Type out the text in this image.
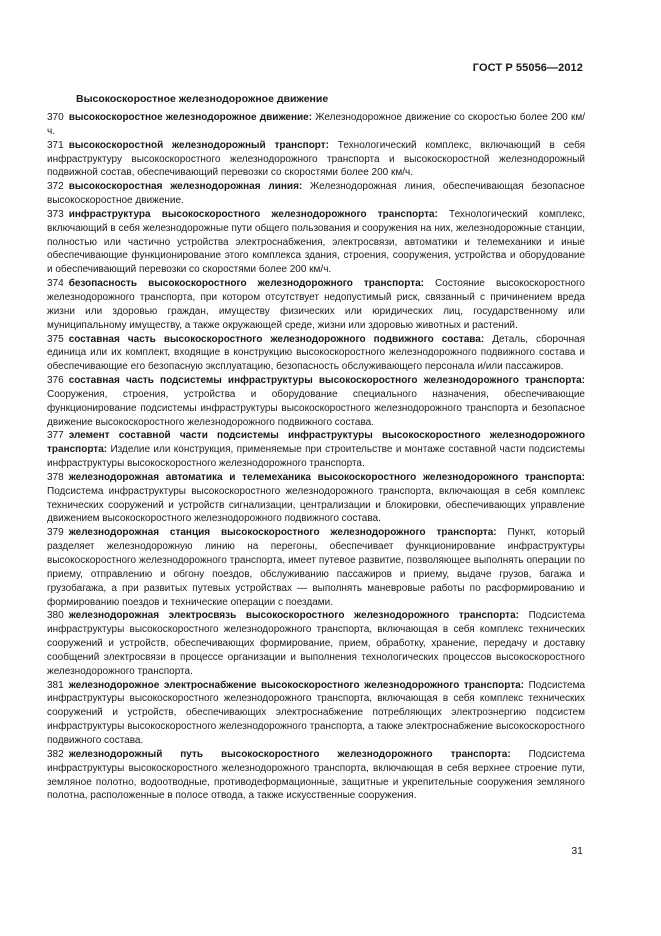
ГОСТ Р 55056—2012
Высокоскоростное железнодорожное движение

370 высокоскоростное железнодорожное движение: Железнодорожное движение со скоростью более 200 км/ч.

371 высокоскоростной железнодорожный транспорт: Технологический комплекс, включающий в себя инфраструктуру высокоскоростного железнодорожного транспорта и высокоскоростной железнодорожный подвижной состав, обеспечивающий перевозки со скоростями более 200 км/ч.

372 высокоскоростная железнодорожная линия: Железнодорожная линия, обеспечивающая безопасное высокоскоростное движение.

373 инфраструктура высокоскоростного железнодорожного транспорта: Технологический комплекс, включающий в себя железнодорожные пути общего пользования и сооружения на них, железнодорожные станции, полностью или частично устройства электроснабжения, электросвязи, автоматики и телемеханики и иные обеспечивающие функционирование этого комплекса здания, строения, сооружения, устройства и оборудование и обеспечивающий перевозки со скоростями более 200 км/ч.

374 безопасность высокоскоростного железнодорожного транспорта: Состояние высокоскоростного железнодорожного транспорта, при котором отсутствует недопустимый риск, связанный с причинением вреда жизни или здоровью граждан, имуществу физических или юридических лиц, государственному или муниципальному имуществу, а также окружающей среде, жизни или здоровью животных и растений.

375 составная часть высокоскоростного железнодорожного подвижного состава: Деталь, сборочная единица или их комплект, входящие в конструкцию высокоскоростного железнодорожного подвижного состава и обеспечивающие его безопасную эксплуатацию, безопасность обслуживающего персонала и/или пассажиров.

376 составная часть подсистемы инфраструктуры высокоскоростного железнодорожного транспорта: Сооружения, строения, устройства и оборудование специального назначения, обеспечивающие функционирование подсистемы инфраструктуры высокоскоростного железнодорожного транспорта и безопасное движение высокоскоростного железнодорожного подвижного состава.

377 элемент составной части подсистемы инфраструктуры высокоскоростного железнодорожного транспорта: Изделие или конструкция, применяемые при строительстве и монтаже составной части подсистемы инфраструктуры высокоскоростного железнодорожного транспорта.

378 железнодорожная автоматика и телемеханика высокоскоростного железнодорожного транспорта: Подсистема инфраструктуры высокоскоростного железнодорожного транспорта, включающая в себя комплекс технических сооружений и устройств сигнализации, централизации и блокировки, обеспечивающих управление движением высокоскоростного железнодорожного подвижного состава.

379 железнодорожная станция высокоскоростного железнодорожного транспорта: Пункт, который разделяет железнодорожную линию на перегоны, обеспечивает функционирование инфраструктуры высокоскоростного железнодорожного транспорта, имеет путевое развитие, позволяющее выполнять операции по приему, отправлению и обгону поездов, обслуживанию пассажиров и приему, выдаче грузов, багажа и грузобагажа, а при развитых путевых устройствах — выполнять маневровые работы по расформированию и формированию поездов и технические операции с поездами.

380 железнодорожная электросвязь высокоскоростного железнодорожного транспорта: Подсистема инфраструктуры высокоскоростного железнодорожного транспорта, включающая в себя комплекс технических сооружений и устройств, обеспечивающих формирование, прием, обработку, хранение, передачу и доставку сообщений электросвязи в процессе организации и выполнения технологических процессов высокоскоростного железнодорожного транспорта.

381 железнодорожное электроснабжение высокоскоростного железнодорожного транспорта: Подсистема инфраструктуры высокоскоростного железнодорожного транспорта, включающая в себя комплекс технических сооружений и устройств, обеспечивающих электроснабжение потребляющих электроэнергию подсистем инфраструктуры высокоскоростного железнодорожного транспорта, а также электроснабжение высокоскоростного подвижного состава.

382 железнодорожный путь высокоскоростного железнодорожного транспорта: Подсистема инфраструктуры высокоскоростного железнодорожного транспорта, включающая в себя верхнее строение пути, земляное полотно, водоотводные, противодеформационные, защитные и укрепительные сооружения земляного полотна, расположенные в полосе отвода, а также искусственные сооружения.

31
